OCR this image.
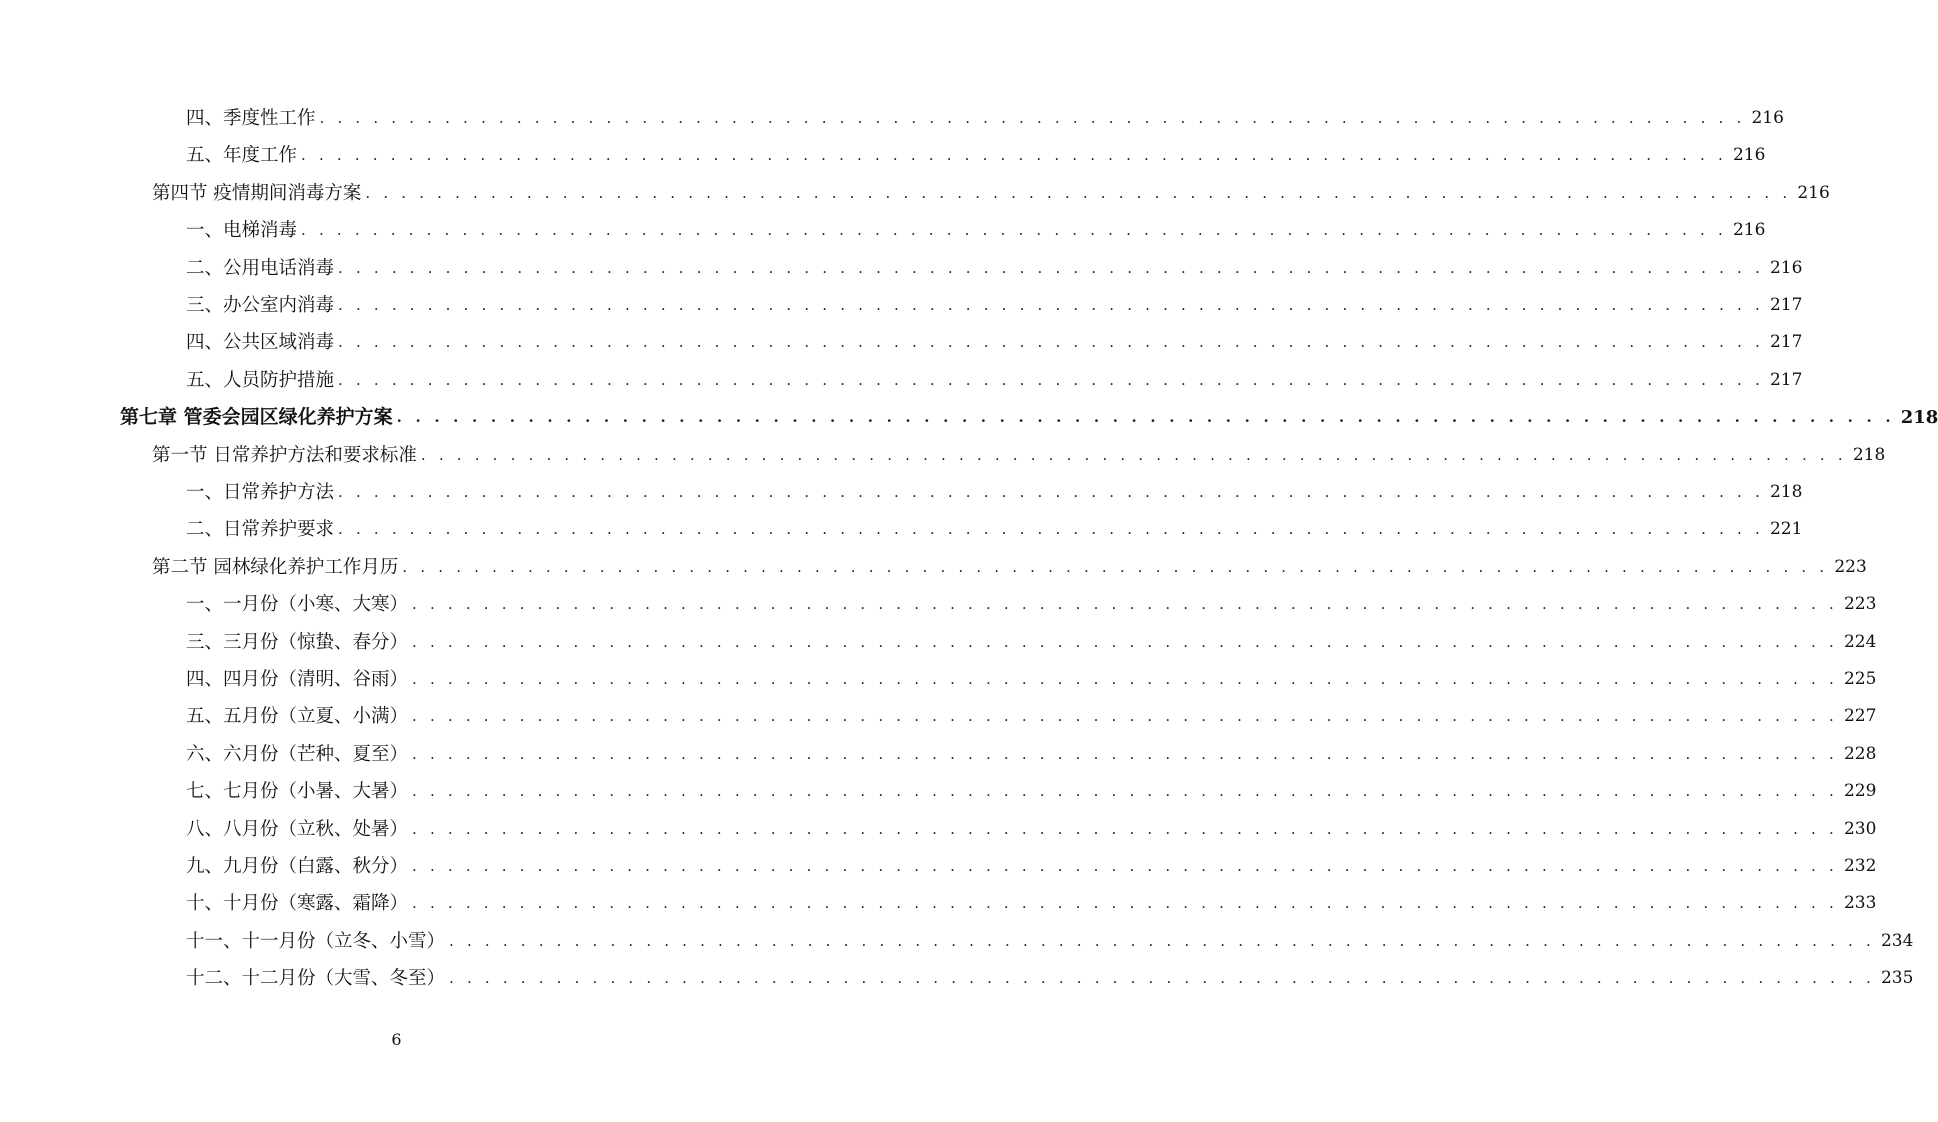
四、季度性工作 . . . . . . . . . . . . . . . . . . . . . . . . . . . . . . . . . . . . . . . . . . . . . . . . . . . . . . . . . . . . . . . . . . . . . . . . . . . . . . . . 216
五、年度工作 . . . . . . . . . . . . . . . . . . . . . . . . . . . . . . . . . . . . . . . . . . . . . . . . . . . . . . . . . . . . . . . . . . . . . . . . . . . . . . . . 216
第四节 疫情期间消毒方案 . . . . . . . . . . . . . . . . . . . . . . . . . . . . . . . . . . . . . . . . . . . . . . . . . . . . . . . . . . . . . . . . . . . . . . . . . . . . . . . . 216
一、电梯消毒 . . . . . . . . . . . . . . . . . . . . . . . . . . . . . . . . . . . . . . . . . . . . . . . . . . . . . . . . . . . . . . . . . . . . . . . . . . . . . . . . 216
二、公用电话消毒 . . . . . . . . . . . . . . . . . . . . . . . . . . . . . . . . . . . . . . . . . . . . . . . . . . . . . . . . . . . . . . . . . . . . . . . . . . . . . . . . 216
三、办公室内消毒 . . . . . . . . . . . . . . . . . . . . . . . . . . . . . . . . . . . . . . . . . . . . . . . . . . . . . . . . . . . . . . . . . . . . . . . . . . . . . . . . 217
四、公共区域消毒 . . . . . . . . . . . . . . . . . . . . . . . . . . . . . . . . . . . . . . . . . . . . . . . . . . . . . . . . . . . . . . . . . . . . . . . . . . . . . . . . 217
五、人员防护措施 . . . . . . . . . . . . . . . . . . . . . . . . . . . . . . . . . . . . . . . . . . . . . . . . . . . . . . . . . . . . . . . . . . . . . . . . . . . . . . . . 217
第七章 管委会园区绿化养护方案 . . . . . . . . . . . . . . . . . . . . . . . . . . . . . . . . . . . . . . . . . . . . . . . . . . . . . . . . . . . . . . . . . . . . . . . . . . . . . . . . 218
第一节 日常养护方法和要求标准 . . . . . . . . . . . . . . . . . . . . . . . . . . . . . . . . . . . . . . . . . . . . . . . . . . . . . . . . . . . . . . . . . . . . . . . . . . . . . . . . 218
一、日常养护方法 . . . . . . . . . . . . . . . . . . . . . . . . . . . . . . . . . . . . . . . . . . . . . . . . . . . . . . . . . . . . . . . . . . . . . . . . . . . . . . . . 218
二、日常养护要求 . . . . . . . . . . . . . . . . . . . . . . . . . . . . . . . . . . . . . . . . . . . . . . . . . . . . . . . . . . . . . . . . . . . . . . . . . . . . . . . . 221
第二节 园林绿化养护工作月历 . . . . . . . . . . . . . . . . . . . . . . . . . . . . . . . . . . . . . . . . . . . . . . . . . . . . . . . . . . . . . . . . . . . . . . . . . . . . . . . . 223
一、一月份（小寒、大寒） . . . . . . . . . . . . . . . . . . . . . . . . . . . . . . . . . . . . . . . . . . . . . . . . . . . . . . . . . . . . . . . . . . . . . . . . . . . . . . . . 223
三、三月份（惊蛰、春分） . . . . . . . . . . . . . . . . . . . . . . . . . . . . . . . . . . . . . . . . . . . . . . . . . . . . . . . . . . . . . . . . . . . . . . . . . . . . . . . . 224
四、四月份（清明、谷雨） . . . . . . . . . . . . . . . . . . . . . . . . . . . . . . . . . . . . . . . . . . . . . . . . . . . . . . . . . . . . . . . . . . . . . . . . . . . . . . . . 225
五、五月份（立夏、小满） . . . . . . . . . . . . . . . . . . . . . . . . . . . . . . . . . . . . . . . . . . . . . . . . . . . . . . . . . . . . . . . . . . . . . . . . . . . . . . . . 227
六、六月份（芒种、夏至） . . . . . . . . . . . . . . . . . . . . . . . . . . . . . . . . . . . . . . . . . . . . . . . . . . . . . . . . . . . . . . . . . . . . . . . . . . . . . . . . 228
七、七月份（小暑、大暑） . . . . . . . . . . . . . . . . . . . . . . . . . . . . . . . . . . . . . . . . . . . . . . . . . . . . . . . . . . . . . . . . . . . . . . . . . . . . . . . . 229
八、八月份（立秋、处暑） . . . . . . . . . . . . . . . . . . . . . . . . . . . . . . . . . . . . . . . . . . . . . . . . . . . . . . . . . . . . . . . . . . . . . . . . . . . . . . . . 230
九、九月份（白露、秋分） . . . . . . . . . . . . . . . . . . . . . . . . . . . . . . . . . . . . . . . . . . . . . . . . . . . . . . . . . . . . . . . . . . . . . . . . . . . . . . . . 232
十、十月份（寒露、霜降） . . . . . . . . . . . . . . . . . . . . . . . . . . . . . . . . . . . . . . . . . . . . . . . . . . . . . . . . . . . . . . . . . . . . . . . . . . . . . . . . 233
十一、十一月份（立冬、小雪） . . . . . . . . . . . . . . . . . . . . . . . . . . . . . . . . . . . . . . . . . . . . . . . . . . . . . . . . . . . . . . . . . . . . . . . . . . . . . . . . 234
十二、十二月份（大雪、冬至） . . . . . . . . . . . . . . . . . . . . . . . . . . . . . . . . . . . . . . . . . . . . . . . . . . . . . . . . . . . . . . . . . . . . . . . . . . . . . . . . 235
6
